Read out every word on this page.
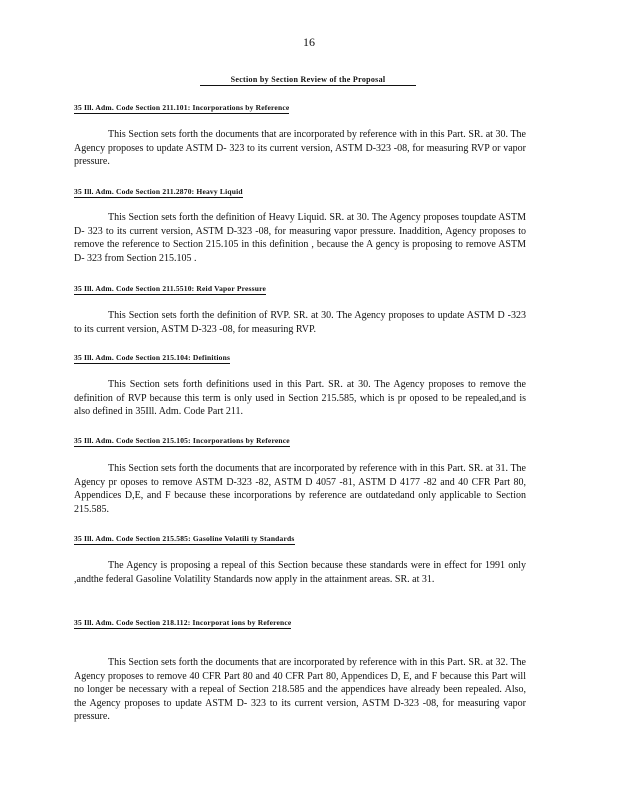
16
Section by Section Review of the Proposal
35 Ill. Adm. Code Section 211.101: Incorporations by Reference
This Section sets forth the documents that are incorporated by reference with in this Part. SR. at 30. The Agency proposes to update ASTM D- 323 to its current version, ASTM D-323 -08, for measuring RVP or vapor pressure.
35 Ill. Adm. Code Section 211.2870: Heavy Liquid
This Section sets forth the definition of Heavy Liquid. SR. at 30. The Agency proposes toupdate ASTM D- 323 to its current version, ASTM D-323 -08, for measuring vapor pressure. Inaddition, Agency proposes to remove the reference to Section 215.105 in this definition , because the A gency is proposing to remove ASTM D- 323 from Section 215.105 .
35 Ill. Adm. Code Section 211.5510: Reid Vapor Pressure
This Section sets forth the definition of RVP. SR. at 30. The Agency proposes to update ASTM D -323 to its current version, ASTM D-323 -08, for measuring RVP.
35 Ill. Adm. Code Section 215.104: Definitions
This Section sets forth definitions used in this Part. SR. at 30. The Agency proposes to remove the definition of RVP because this term is only used in Section 215.585, which is pr oposed to be repealed,and is also defined in 35Ill. Adm. Code Part 211.
35 Ill. Adm. Code Section 215.105: Incorporations by Reference
This Section sets forth the documents that are incorporated by reference with in this Part. SR. at 31. The Agency pr oposes to remove ASTM D-323 -82, ASTM D 4057 -81, ASTM D 4177 -82 and 40 CFR Part 80, Appendices D,E, and F because these incorporations by reference are outdatedand only applicable to Section 215.585.
35 Ill. Adm. Code Section 215.585: Gasoline Volatili ty Standards
The Agency is proposing a repeal of this Section because these standards were in effect for 1991 only ,andthe federal Gasoline Volatility Standards now apply in the attainment areas. SR. at 31.
35 Ill. Adm. Code Section 218.112: Incorporat ions by Reference
This Section sets forth the documents that are incorporated by reference with in this Part. SR. at 32. The Agency proposes to remove 40 CFR Part 80 and 40 CFR Part 80, Appendices D, E, and F because this Part will no longer be necessary with a repeal of Section 218.585 and the appendices have already been repealed. Also, the Agency proposes to update ASTM D- 323 to its current version, ASTM D-323 -08, for measuring vapor pressure.
